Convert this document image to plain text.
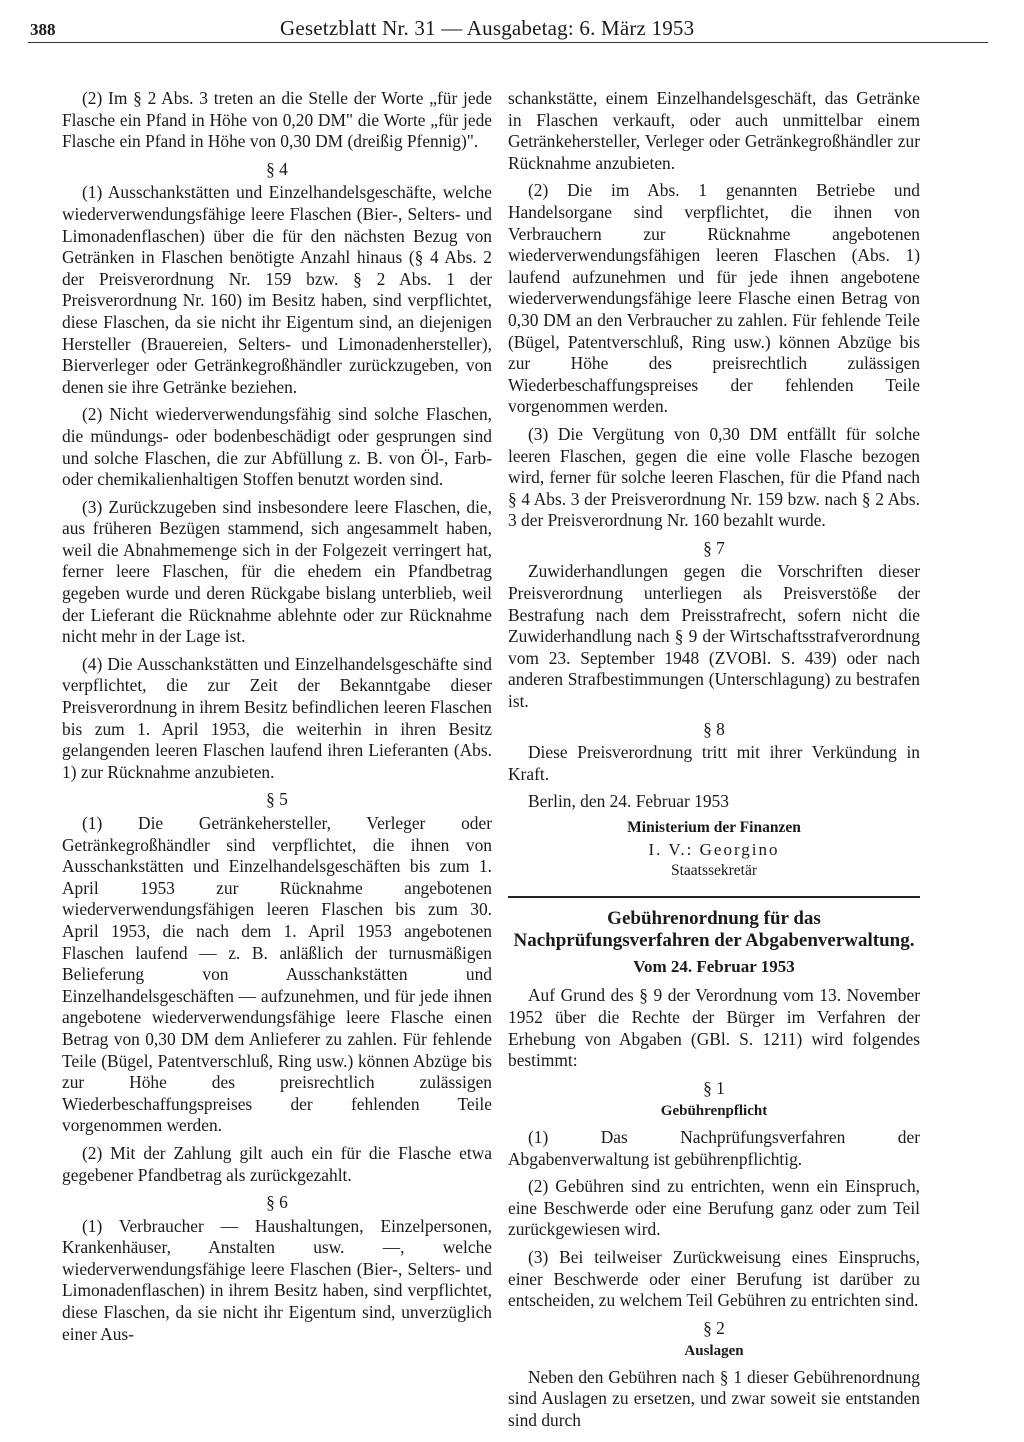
388	Gesetzblatt Nr. 31 — Ausgabetag: 6. März 1953

(2) Im § 2 Abs. 3 treten an die Stelle der Worte „für jede Flasche ein Pfand in Höhe von 0,20 DM" die Worte „für jede Flasche ein Pfand in Höhe von 0,30 DM (dreißig Pfennig)".

§ 4

(1) Ausschankstätten und Einzelhandelsgeschäfte, welche wiederverwendungsfähige leere Flaschen (Bier-, Selters- und Limonadenflaschen) über die für den nächsten Bezug von Getränken in Flaschen benötigte Anzahl hinaus (§ 4 Abs. 2 der Preisverordnung Nr. 159 bzw. § 2 Abs. 1 der Preisverordnung Nr. 160) im Besitz haben, sind verpflichtet, diese Flaschen, da sie nicht ihr Eigentum sind, an diejenigen Hersteller (Brauereien, Selters- und Limonadenhersteller), Bierverleger oder Getränkegroßhändler zurückzugeben, von denen sie ihre Getränke beziehen.

(2) Nicht wiederverwendungsfähig sind solche Flaschen, die mündungs- oder bodenbeschädigt oder gesprungen sind und solche Flaschen, die zur Abfüllung z. B. von Öl-, Farb- oder chemikalienhaltigen Stoffen benutzt worden sind.

(3) Zurückzugeben sind insbesondere leere Flaschen, die, aus früheren Bezügen stammend, sich angesammelt haben, weil die Abnahmemenge sich in der Folgezeit verringert hat, ferner leere Flaschen, für die ehedem ein Pfandbetrag gegeben wurde und deren Rückgabe bislang unterblieb, weil der Lieferant die Rücknahme ablehnte oder zur Rücknahme nicht mehr in der Lage ist.

(4) Die Ausschankstätten und Einzelhandelsgeschäfte sind verpflichtet, die zur Zeit der Bekanntgabe dieser Preisverordnung in ihrem Besitz befindlichen leeren Flaschen bis zum 1. April 1953, die weiterhin in ihren Besitz gelangenden leeren Flaschen laufend ihren Lieferanten (Abs. 1) zur Rücknahme anzubieten.

§ 5

(1) Die Getränkehersteller, Verleger oder Getränkegroßhändler sind verpflichtet, die ihnen von Ausschankstätten und Einzelhandelsgeschäften bis zum 1. April 1953 zur Rücknahme angebotenen wiederverwendungsfähigen leeren Flaschen bis zum 30. April 1953, die nach dem 1. April 1953 angebotenen Flaschen laufend — z. B. anläßlich der turnusmäßigen Belieferung von Ausschankstätten und Einzelhandelsgeschäften — aufzunehmen, und für jede ihnen angebotene wiederverwendungsfähige leere Flasche einen Betrag von 0,30 DM dem Anlieferer zu zahlen. Für fehlende Teile (Bügel, Patentverschluß, Ring usw.) können Abzüge bis zur Höhe des preisrechtlich zulässigen Wiederbeschaffungspreises der fehlenden Teile vorgenommen werden.

(2) Mit der Zahlung gilt auch ein für die Flasche etwa gegebener Pfandbetrag als zurückgezahlt.

§ 6

(1) Verbraucher — Haushaltungen, Einzelpersonen, Krankenhäuser, Anstalten usw. —, welche wiederverwendungsfähige leere Flaschen (Bier-, Selters- und Limonadenflaschen) in ihrem Besitz haben, sind verpflichtet, diese Flaschen, da sie nicht ihr Eigentum sind, unverzüglich einer Aus-

schankstätte, einem Einzelhandelsgeschäft, das Getränke in Flaschen verkauft, oder auch unmittelbar einem Getränkehersteller, Verleger oder Getränkegroßhändler zur Rücknahme anzubieten.

(2) Die im Abs. 1 genannten Betriebe und Handelsorgane sind verpflichtet, die ihnen von Verbrauchern zur Rücknahme angebotenen wiederverwendungsfähigen leeren Flaschen (Abs. 1) laufend aufzunehmen und für jede ihnen angebotene wiederverwendungsfähige leere Flasche einen Betrag von 0,30 DM an den Verbraucher zu zahlen. Für fehlende Teile (Bügel, Patentverschluß, Ring usw.) können Abzüge bis zur Höhe des preisrechtlich zulässigen Wiederbeschaffungspreises der fehlenden Teile vorgenommen werden.

(3) Die Vergütung von 0,30 DM entfällt für solche leeren Flaschen, gegen die eine volle Flasche bezogen wird, ferner für solche leeren Flaschen, für die Pfand nach § 4 Abs. 3 der Preisverordnung Nr. 159 bzw. nach § 2 Abs. 3 der Preisverordnung Nr. 160 bezahlt wurde.

§ 7

Zuwiderhandlungen gegen die Vorschriften dieser Preisverordnung unterliegen als Preisverstöße der Bestrafung nach dem Preisstrafrecht, sofern nicht die Zuwiderhandlung nach § 9 der Wirtschaftsstrafverordnung vom 23. September 1948 (ZVOBl. S. 439) oder nach anderen Strafbestimmungen (Unterschlagung) zu bestrafen ist.

§ 8

Diese Preisverordnung tritt mit ihrer Verkündung in Kraft.

Berlin, den 24. Februar 1953

Ministerium der Finanzen
I. V.: Georgino
Staatssekretär
Gebührenordnung für das Nachprüfungsverfahren der Abgabenverwaltung.
Vom 24. Februar 1953

Auf Grund des § 9 der Verordnung vom 13. November 1952 über die Rechte der Bürger im Verfahren der Erhebung von Abgaben (GBl. S. 1211) wird folgendes bestimmt:

§ 1
Gebührenpflicht

(1) Das Nachprüfungsverfahren der Abgabenverwaltung ist gebührenpflichtig.

(2) Gebühren sind zu entrichten, wenn ein Einspruch, eine Beschwerde oder eine Berufung ganz oder zum Teil zurückgewiesen wird.

(3) Bei teilweiser Zurückweisung eines Einspruchs, einer Beschwerde oder einer Berufung ist darüber zu entscheiden, zu welchem Teil Gebühren zu entrichten sind.

§ 2
Auslagen

Neben den Gebühren nach § 1 dieser Gebührenordnung sind Auslagen zu ersetzen, und zwar soweit sie entstanden sind durch
